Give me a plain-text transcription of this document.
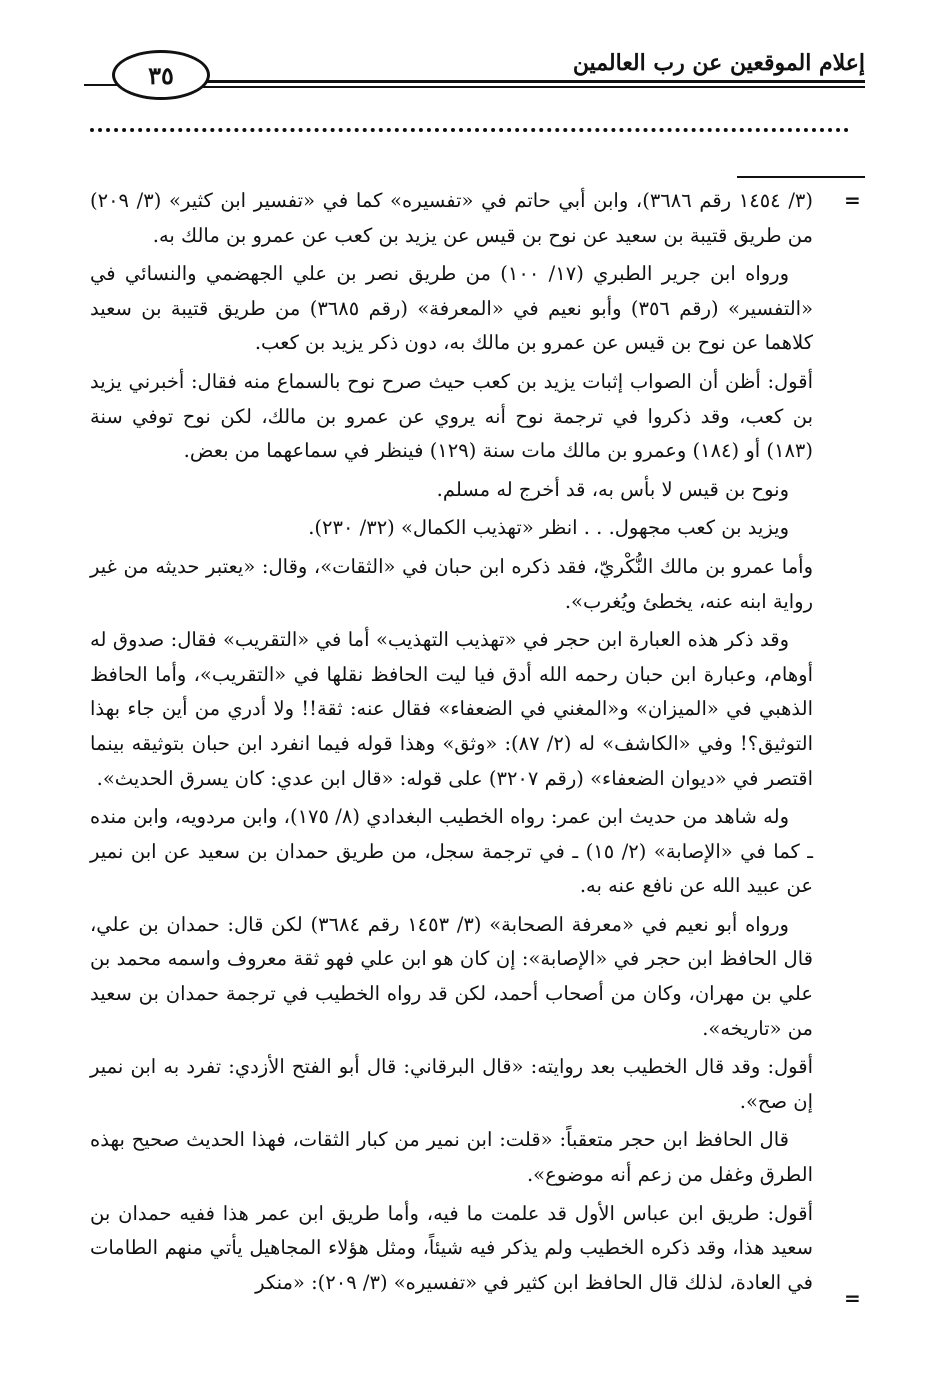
إعلام الموقعين عن رب العالمين
٣٥
=
=

(٣/ ١٤٥٤ رقم ٣٦٨٦)، وابن أبي حاتم في «تفسيره» كما في «تفسير ابن كثير» (٣/ ٢٠٩) من طريق قتيبة بن سعيد عن نوح بن قيس عن يزيد بن كعب عن عمرو بن مالك به.

ورواه ابن جرير الطبري (١٧/ ١٠٠) من طريق نصر بن علي الجهضمي والنسائي في «التفسير» (رقم ٣٥٦) وأبو نعيم في «المعرفة» (رقم ٣٦٨٥) من طريق قتيبة بن سعيد كلاهما عن نوح بن قيس عن عمرو بن مالك به، دون ذكر يزيد بن كعب.

أقول: أظن أن الصواب إثبات يزيد بن كعب حيث صرح نوح بالسماع منه فقال: أخبرني يزيد بن كعب، وقد ذكروا في ترجمة نوح أنه يروي عن عمرو بن مالك، لكن نوح توفي سنة (١٨٣) أو (١٨٤) وعمرو بن مالك مات سنة (١٢٩) فينظر في سماعهما من بعض.

ونوح بن قيس لا بأس به، قد أخرج له مسلم.

ويزيد بن كعب مجهول. . . انظر «تهذيب الكمال» (٣٢/ ٢٣٠).

وأما عمرو بن مالك النُّكْريّ، فقد ذكره ابن حبان في «الثقات»، وقال: «يعتبر حديثه من غير رواية ابنه عنه، يخطئ ويُغرب».

وقد ذكر هذه العبارة ابن حجر في «تهذيب التهذيب» أما في «التقريب» فقال: صدوق له أوهام، وعبارة ابن حبان رحمه الله أدق فيا ليت الحافظ نقلها في «التقريب»، وأما الحافظ الذهبي في «الميزان» و«المغني في الضعفاء» فقال عنه: ثقة!! ولا أدري من أين جاء بهذا التوثيق؟! وفي «الكاشف» له (٢/ ٨٧): «وثق» وهذا قوله فيما انفرد ابن حبان بتوثيقه بينما اقتصر في «ديوان الضعفاء» (رقم ٣٢٠٧) على قوله: «قال ابن عدي: كان يسرق الحديث».

وله شاهد من حديث ابن عمر: رواه الخطيب البغدادي (٨/ ١٧٥)، وابن مردويه، وابن منده ـ كما في «الإصابة» (٢/ ١٥) ـ في ترجمة سجل، من طريق حمدان بن سعيد عن ابن نمير عن عبيد الله عن نافع عنه به.

ورواه أبو نعيم في «معرفة الصحابة» (٣/ ١٤٥٣ رقم ٣٦٨٤) لكن قال: حمدان بن علي، قال الحافظ ابن حجر في «الإصابة»: إن كان هو ابن علي فهو ثقة معروف واسمه محمد بن علي بن مهران، وكان من أصحاب أحمد، لكن قد رواه الخطيب في ترجمة حمدان بن سعيد من «تاريخه».

أقول: وقد قال الخطيب بعد روايته: «قال البرقاني: قال أبو الفتح الأزدي: تفرد به ابن نمير إن صح».

قال الحافظ ابن حجر متعقباً: «قلت: ابن نمير من كبار الثقات، فهذا الحديث صحيح بهذه الطرق وغفل من زعم أنه موضوع».

أقول: طريق ابن عباس الأول قد علمت ما فيه، وأما طريق ابن عمر هذا ففيه حمدان بن سعيد هذا، وقد ذكره الخطيب ولم يذكر فيه شيئاً، ومثل هؤلاء المجاهيل يأتي منهم الطامات في العادة، لذلك قال الحافظ ابن كثير في «تفسيره» (٣/ ٢٠٩): «منكر
